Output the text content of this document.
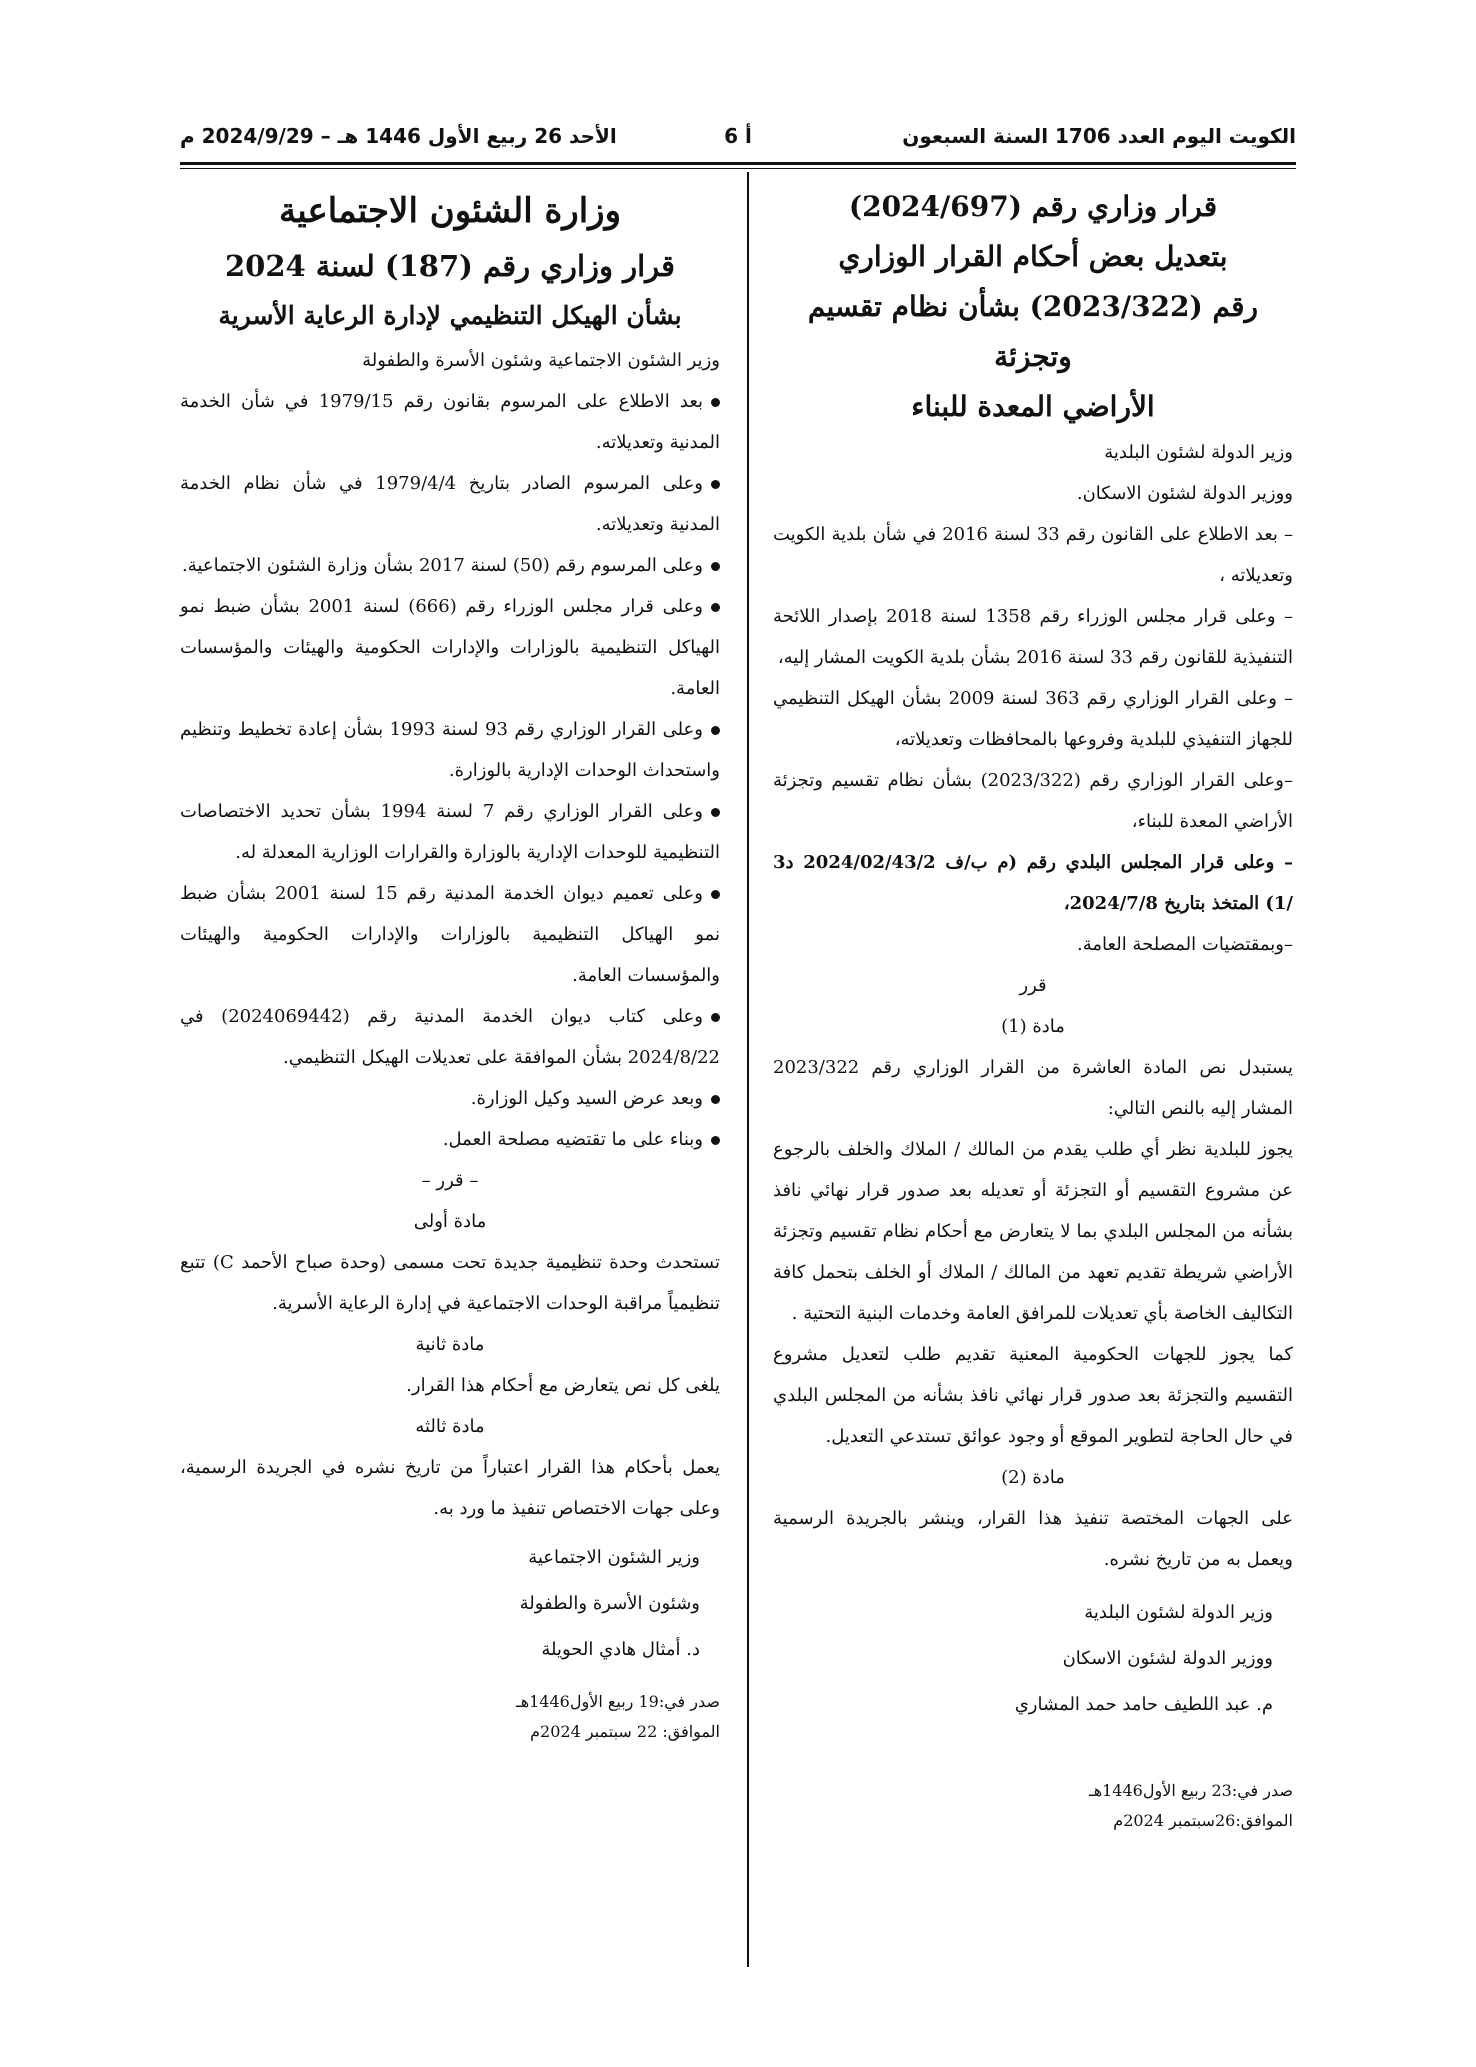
الكويت اليوم العدد 1706 السنة السبعون
أ 6
الأحد 26 ربيع الأول 1446 هـ – 2024/9/29 م

قرار وزاري رقم (2024/697)

بتعديل بعض أحكام القرار الوزاري

رقم (2023/322) بشأن نظام تقسيم وتجزئة

الأراضي المعدة للبناء

وزير الدولة لشئون البلدية

ووزير الدولة لشئون الاسكان.

– بعد الاطلاع على القانون رقم 33 لسنة 2016 في شأن بلدية الكويت وتعديلاته ،

– وعلى قرار مجلس الوزراء رقم 1358 لسنة 2018 بإصدار اللائحة التنفيذية للقانون رقم 33 لسنة 2016 بشأن بلدية الكويت المشار إليه،

– وعلى القرار الوزاري رقم 363 لسنة 2009 بشأن الهيكل التنظيمي للجهاز التنفيذي للبلدية وفروعها بالمحافظات وتعديلاته،

–وعلى القرار الوزاري رقم (2023/322) بشأن نظام تقسيم وتجزئة الأراضي المعدة للبناء،

– وعلى قرار المجلس البلدي رقم (م ب/ف 2024/02/43/2 د3 /1) المتخذ بتاريخ 2024/7/8،

–وبمقتضيات المصلحة العامة.

قرر

مادة (1)

يستبدل نص المادة العاشرة من القرار الوزاري رقم 2023/322 المشار إليه بالنص التالي:

يجوز للبلدية نظر أي طلب يقدم من المالك / الملاك والخلف بالرجوع عن مشروع التقسيم أو التجزئة أو تعديله بعد صدور قرار نهائي نافذ بشأنه من المجلس البلدي بما لا يتعارض مع أحكام نظام تقسيم وتجزئة الأراضي شريطة تقديم تعهد من المالك / الملاك أو الخلف بتحمل كافة التكاليف الخاصة بأي تعديلات للمرافق العامة وخدمات البنية التحتية .

كما يجوز للجهات الحكومية المعنية تقديم طلب لتعديل مشروع التقسيم والتجزئة بعد صدور قرار نهائي نافذ بشأنه من المجلس البلدي في حال الحاجة لتطوير الموقع أو وجود عوائق تستدعي التعديل.

مادة (2)

على الجهات المختصة تنفيذ هذا القرار، وينشر بالجريدة الرسمية ويعمل به من تاريخ نشره.

وزير الدولة لشئون البلدية

ووزير الدولة لشئون الاسكان

م. عبد اللطيف حامد حمد المشاري

صدر في:23 ربيع الأول1446هـ

الموافق:26سبتمبر 2024م

وزارة الشئون الاجتماعية

قرار وزاري رقم (187) لسنة 2024

بشأن الهيكل التنظيمي لإدارة الرعاية الأسرية

وزير الشئون الاجتماعية وشئون الأسرة والطفولة

بعد الاطلاع على المرسوم بقانون رقم 1979/15 في شأن الخدمة المدنية وتعديلاته.

وعلى المرسوم الصادر بتاريخ 1979/4/4 في شأن نظام الخدمة المدنية وتعديلاته.

وعلى المرسوم رقم (50) لسنة 2017 بشأن وزارة الشئون الاجتماعية.

وعلى قرار مجلس الوزراء رقم (666) لسنة 2001 بشأن ضبط نمو الهياكل التنظيمية بالوزارات والإدارات الحكومية والهيئات والمؤسسات العامة.

وعلى القرار الوزاري رقم 93 لسنة 1993 بشأن إعادة تخطيط وتنظيم واستحداث الوحدات الإدارية بالوزارة.

وعلى القرار الوزاري رقم 7 لسنة 1994 بشأن تحديد الاختصاصات التنظيمية للوحدات الإدارية بالوزارة والقرارات الوزارية المعدلة له.

وعلى تعميم ديوان الخدمة المدنية رقم 15 لسنة 2001 بشأن ضبط نمو الهياكل التنظيمية بالوزارات والإدارات الحكومية والهيئات والمؤسسات العامة.

وعلى كتاب ديوان الخدمة المدنية رقم (2024069442) في 2024/8/22 بشأن الموافقة على تعديلات الهيكل التنظيمي.

وبعد عرض السيد وكيل الوزارة.

وبناء على ما تقتضيه مصلحة العمل.

– قرر –

مادة أولى

تستحدث وحدة تنظيمية جديدة تحت مسمى (وحدة صباح الأحمد C) تتبع تنظيمياً مراقبة الوحدات الاجتماعية في إدارة الرعاية الأسرية.

مادة ثانية

يلغى كل نص يتعارض مع أحكام هذا القرار.

مادة ثالثه

يعمل بأحكام هذا القرار اعتباراً من تاريخ نشره في الجريدة الرسمية، وعلى جهات الاختصاص تنفيذ ما ورد به.

وزير الشئون الاجتماعية

وشئون الأسرة والطفولة

د. أمثال هادي الحويلة

صدر في:19 ربيع الأول1446هـ

الموافق: 22 سبتمبر 2024م
